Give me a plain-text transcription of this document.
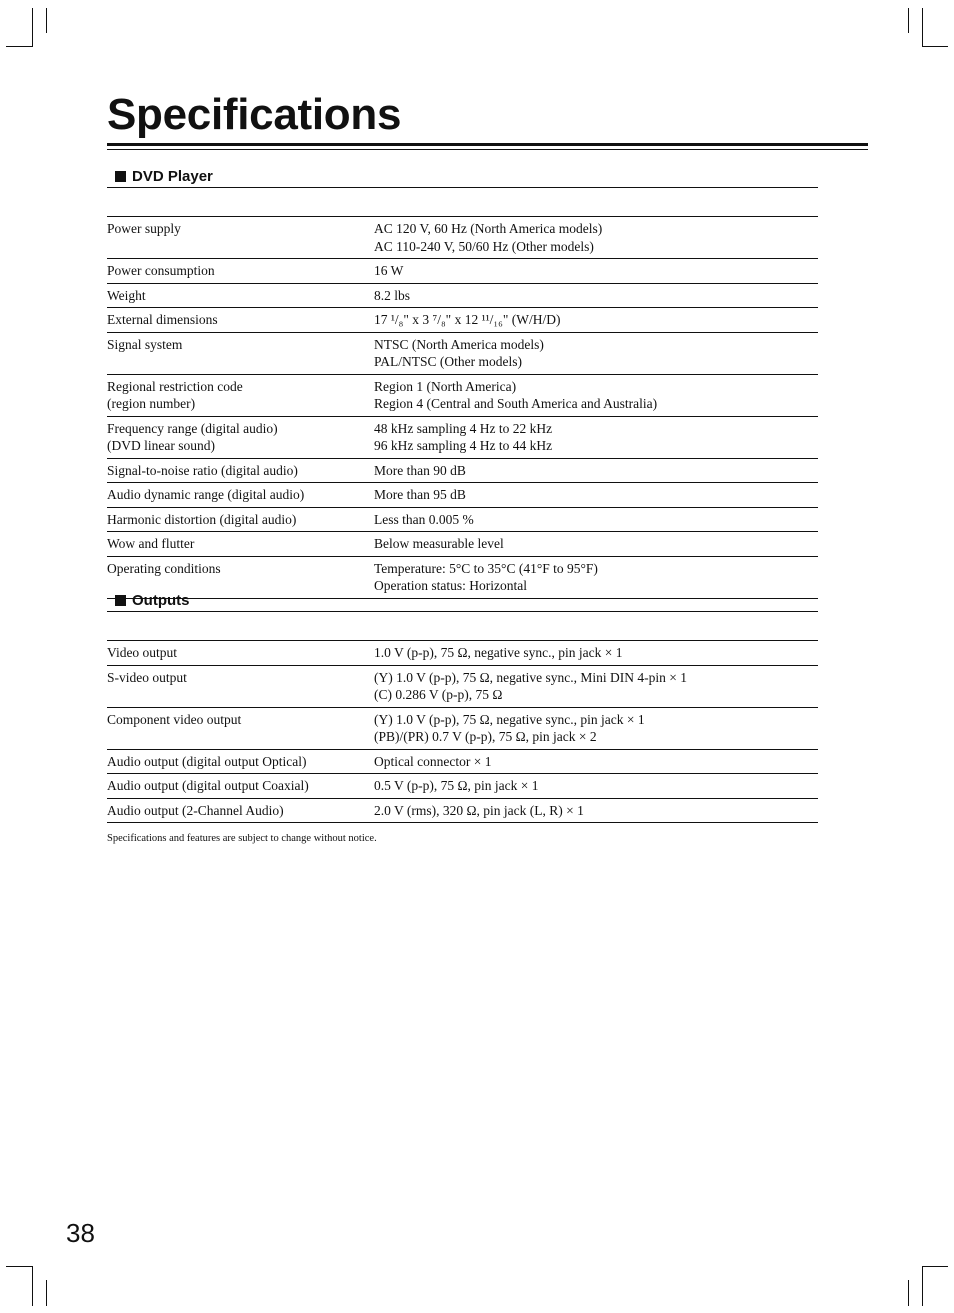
Specifications
DVD Player
Power supply	AC 120 V, 60 Hz (North America models)
AC 110-240 V, 50/60 Hz (Other models)

Power consumption	16 W

Weight	8.2 lbs

External dimensions	17 ¹/₈" x 3 ⁷/₈" x 12 ¹¹/₁₆" (W/H/D)

Signal system	NTSC (North America models)
PAL/NTSC (Other models)

Regional restriction code
(region number)	Region 1 (North America)
Region 4 (Central and South America and Australia)

Frequency range (digital audio)
(DVD linear sound)	48 kHz sampling 4 Hz to 22 kHz
96 kHz sampling 4 Hz to 44 kHz

Signal-to-noise ratio (digital audio)	More than 90 dB

Audio dynamic range (digital audio)	More than 95 dB

Harmonic distortion (digital audio)	Less than 0.005 %

Wow and flutter	Below measurable level

Operating conditions	Temperature: 5°C to 35°C (41°F to 95°F)
Operation status: Horizontal
Outputs
Video output	1.0 V (p-p), 75 Ω, negative sync., pin jack × 1

S-video output	(Y) 1.0 V (p-p), 75 Ω, negative sync., Mini DIN 4-pin × 1
(C) 0.286 V (p-p), 75 Ω

Component video output	(Y) 1.0 V (p-p), 75 Ω, negative sync., pin jack × 1
(PB)/(PR) 0.7 V (p-p), 75 Ω, pin jack × 2

Audio output (digital output Optical)	Optical connector × 1

Audio output (digital output Coaxial)	0.5 V (p-p), 75 Ω, pin jack × 1

Audio output (2-Channel Audio)	2.0 V (rms), 320 Ω, pin jack (L, R) × 1
Specifications and features are subject to change without notice.
38
